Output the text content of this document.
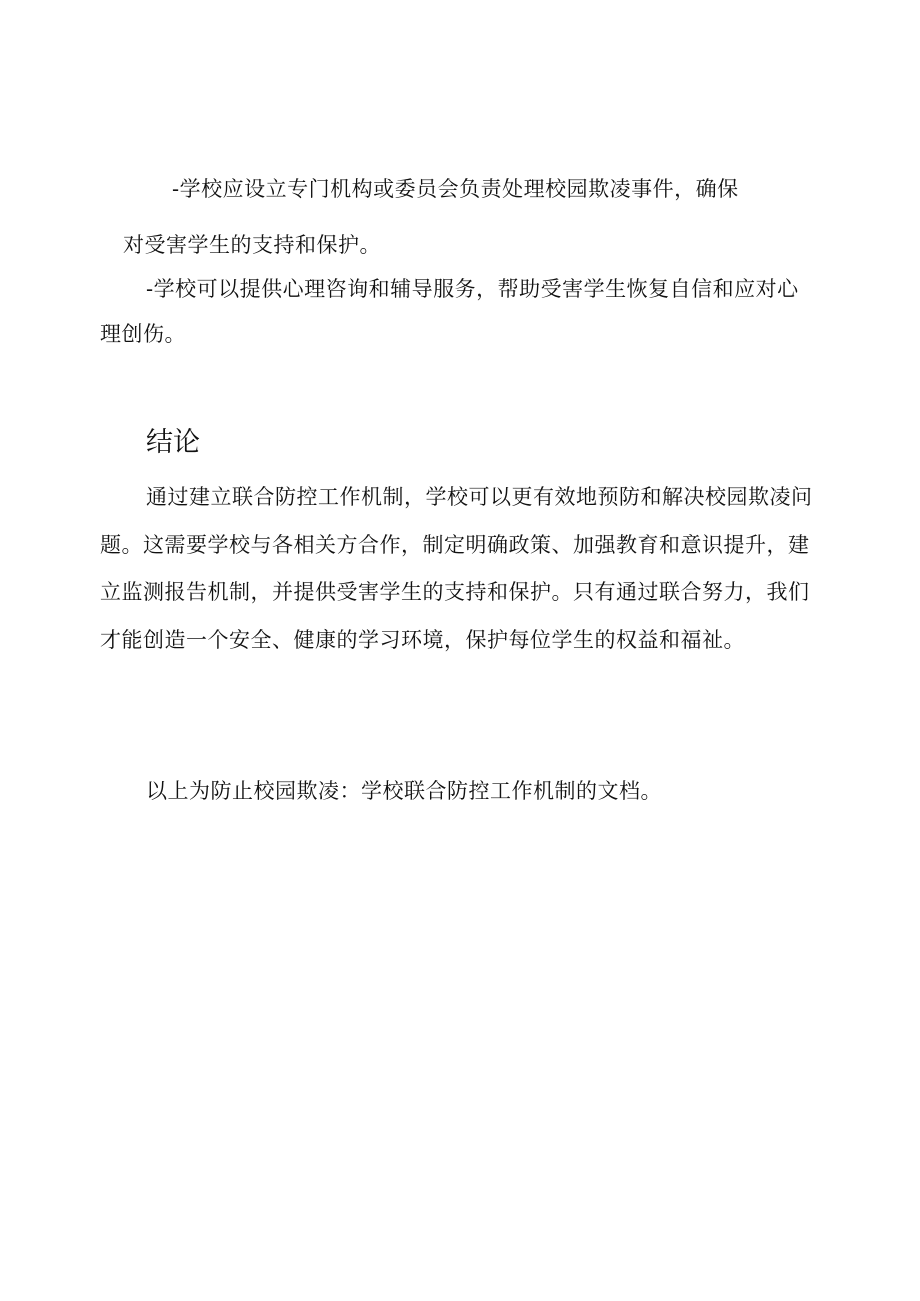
-学校应设立专门机构或委员会负责处理校园欺凌事件，确保

对受害学生的支持和保护。

-学校可以提供心理咨询和辅导服务，帮助受害学生恢复自信和应对心

理创伤。

结论

通过建立联合防控工作机制，学校可以更有效地预防和解决校园欺凌问

题。这需要学校与各相关方合作，制定明确政策、加强教育和意识提升，建

立监测报告机制，并提供受害学生的支持和保护。只有通过联合努力，我们

才能创造一个安全、健康的学习环境，保护每位学生的权益和福祉。

以上为防止校园欺凌：学校联合防控工作机制的文档。
